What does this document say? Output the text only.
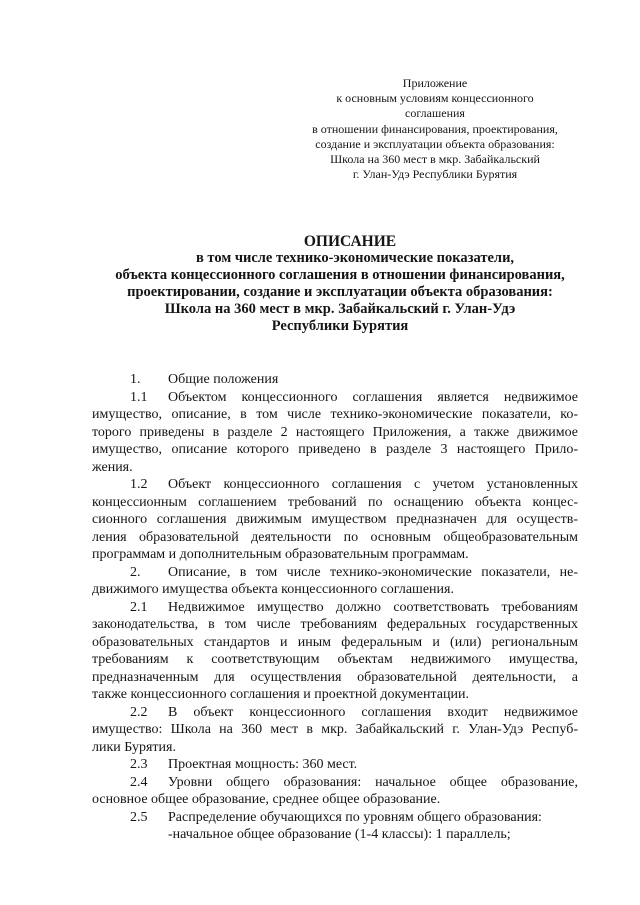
Приложение
к основным условиям концессионного
соглашения
в отношении финансирования, проектирования,
создание и эксплуатации объекта образования:
Школа на 360 мест в мкр. Забайкальский
г. Улан-Удэ Республики Бурятия
ОПИСАНИЕ
в том числе технико-экономические показатели,
объекта концессионного соглашения в отношении финансирования,
проектировании, создание и эксплуатации объекта образования:
Школа на 360 мест в мкр. Забайкальский г. Улан-Удэ
Республики Бурятия
1. Общие положения
1.1 Объектом концессионного соглашения является недвижимое
имущество, описание, в том числе технико-экономические показатели, ко-
торого приведены в разделе 2 настоящего Приложения, а также движимое
имущество, описание которого приведено в разделе 3 настоящего Прило-
жения.
1.2 Объект концессионного соглашения с учетом установленных
концессионным соглашением требований по оснащению объекта концес-
сионного соглашения движимым имуществом предназначен для осуществ-
ления образовательной деятельности по основным общеобразовательным
программам и дополнительным образовательным программам.
2. Описание, в том числе технико-экономические показатели, не-
движимого имущества объекта концессионного соглашения.
2.1 Недвижимое имущество должно соответствовать требованиям
законодательства, в том числе требованиям федеральных государственных
образовательных стандартов и иным федеральным и (или) региональным
требованиям к соответствующим объектам недвижимого имущества,
предназначенным для осуществления образовательной деятельности, а
также концессионного соглашения и проектной документации.
2.2 В объект концессионного соглашения входит недвижимое
имущество: Школа на 360 мест в мкр. Забайкальский г. Улан-Удэ Респуб-
лики Бурятия.
2.3 Проектная мощность: 360 мест.
2.4 Уровни общего образования: начальное общее образование,
основное общее образование, среднее общее образование.
2.5 Распределение обучающихся по уровням общего образования:
-начальное общее образование (1-4 классы): 1 параллель;
